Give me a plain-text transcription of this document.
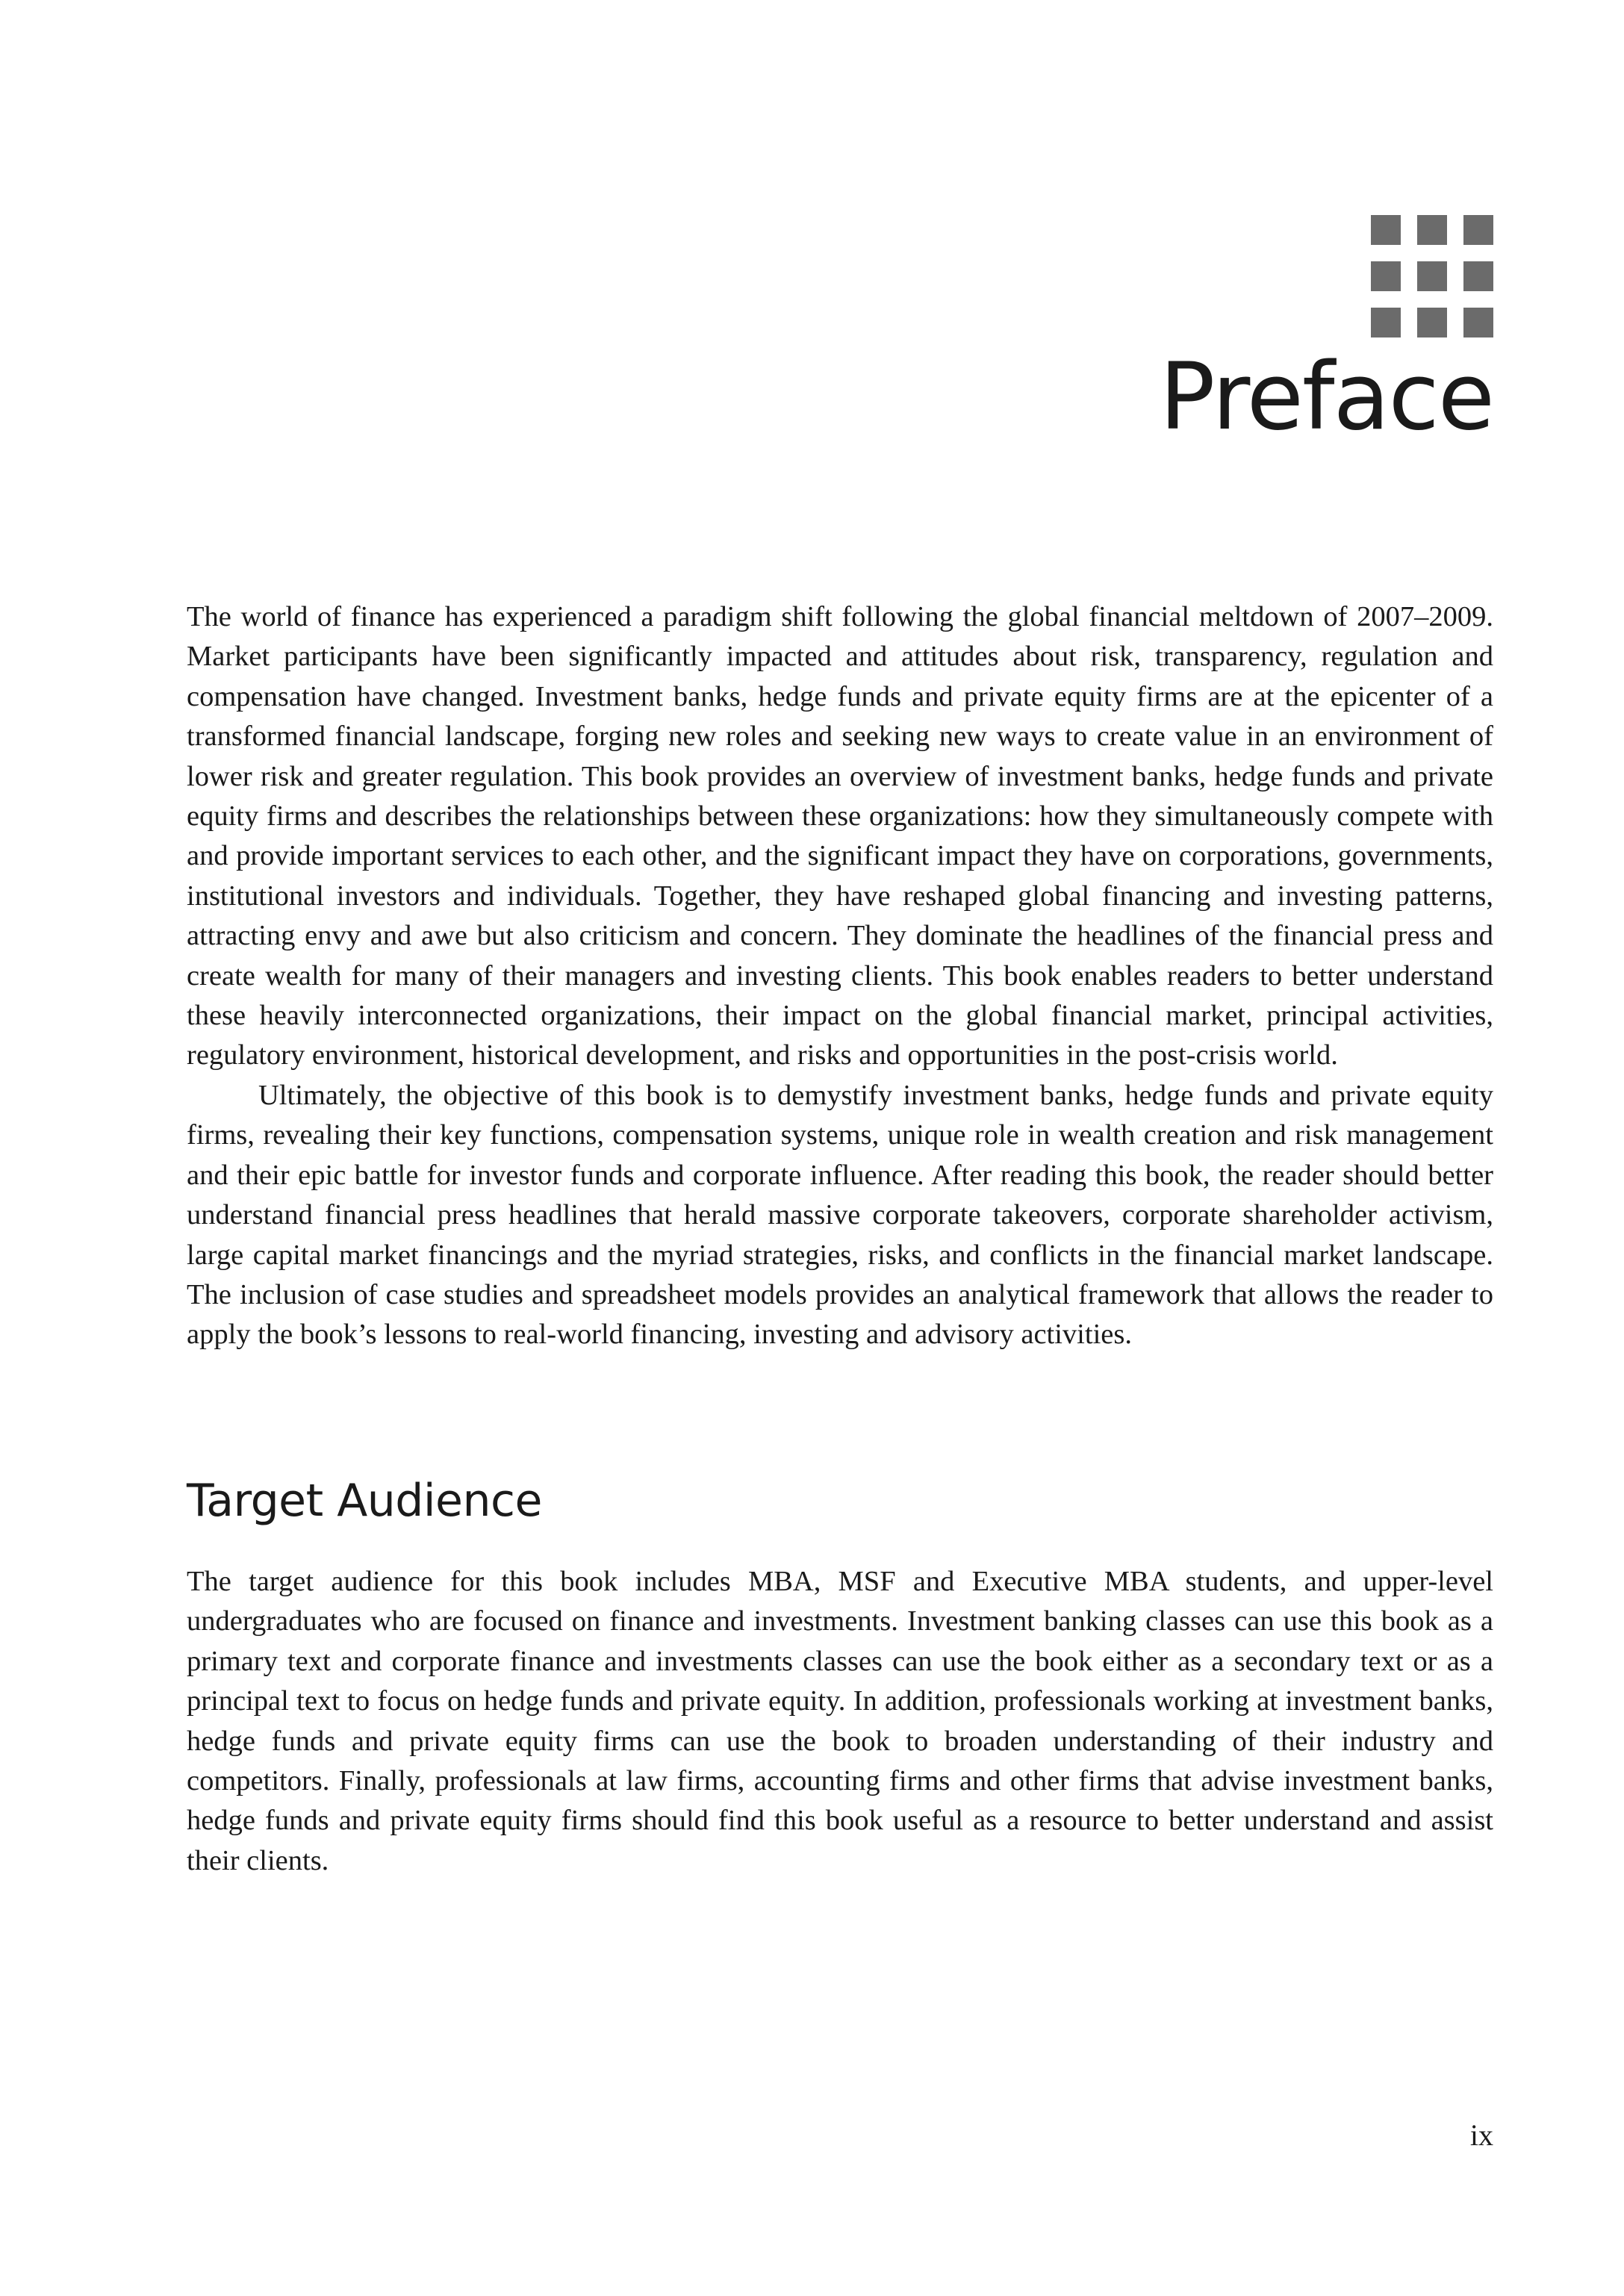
Preface

The world of finance has experienced a paradigm shift following the global financial meltdown of 2007–2009. Market participants have been significantly impacted and attitudes about risk, transparency, regulation and compensation have changed. Investment banks, hedge funds and private equity firms are at the epicenter of a transformed financial landscape, forging new roles and seeking new ways to create value in an environment of lower risk and greater regulation. This book provides an overview of investment banks, hedge funds and private equity firms and describes the relationships between these organizations: how they simultaneously compete with and provide important services to each other, and the significant impact they have on corporations, governments, institutional investors and individuals. Together, they have reshaped global financing and investing patterns, attracting envy and awe but also criticism and concern. They dominate the headlines of the financial press and create wealth for many of their managers and investing clients. This book enables readers to better understand these heavily interconnected organizations, their impact on the global financial market, principal activities, regulatory environment, historical development, and risks and opportunities in the post-crisis world.

Ultimately, the objective of this book is to demystify investment banks, hedge funds and private equity firms, revealing their key functions, compensation systems, unique role in wealth creation and risk management and their epic battle for investor funds and corporate influence. After reading this book, the reader should better understand financial press headlines that herald massive corporate takeovers, corporate shareholder activism, large capital market financings and the myriad strategies, risks, and conflicts in the financial market landscape. The inclusion of case studies and spreadsheet models provides an analytical framework that allows the reader to apply the book’s lessons to real-world financing, investing and advisory activities.

Target Audience

The target audience for this book includes MBA, MSF and Executive MBA students, and upper-level undergraduates who are focused on finance and investments. Investment banking classes can use this book as a primary text and corporate finance and investments classes can use the book either as a secondary text or as a principal text to focus on hedge funds and private equity. In addition, professionals working at investment banks, hedge funds and private equity firms can use the book to broaden understanding of their industry and competitors. Finally, professionals at law firms, accounting firms and other firms that advise investment banks, hedge funds and private equity firms should find this book useful as a resource to better understand and assist their clients.

ix
